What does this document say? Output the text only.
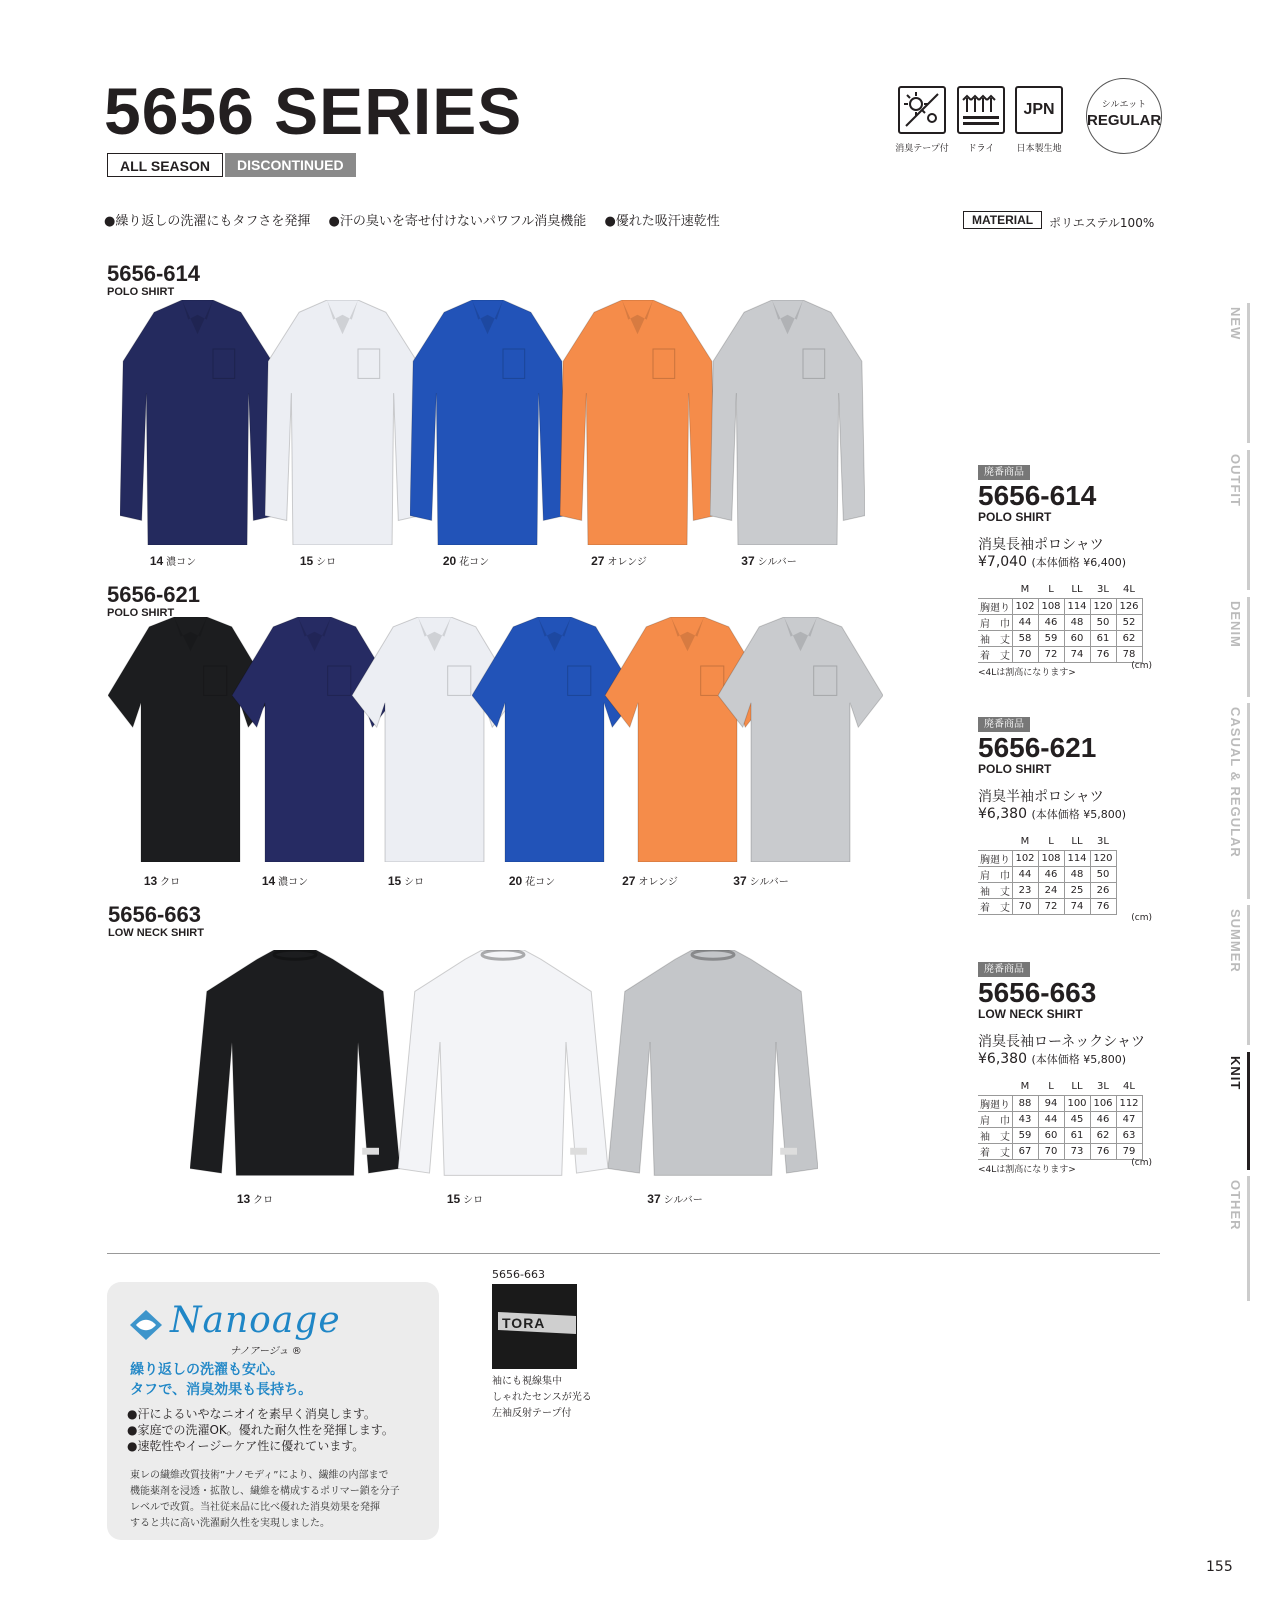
5656 SERIES
ALL SEASON	DISCONTINUED
消臭テープ付	ドライ
JPN
日本製生地
シルエット
REGULAR
●繰り返しの洗濯にもタフさを発揮 ●汗の臭いを寄せ付けないパワフル消臭機能 ●優れた吸汗速乾性	MATERIAL	ポリエステル100%
5656-614
POLO SHIRT
5656-621
POLO SHIRT
5656-663
LOW NECK SHIRT
14 濃コン	15 シロ	20 花コン	27 オレンジ	37 シルバー
13 クロ	14 濃コン	15 シロ	20 花コン	27 オレンジ	37 シルバー
13 クロ	15 シロ	37 シルバー
廃番商品
5656-614
POLO SHIRT
消臭長袖ポロシャツ
¥7,040 (本体価格 ¥6,400)
	M	L	LL	3L	4L
胸廻り	102	108	114	120	126
肩　巾	44	46	48	50	52
袖　丈	58	59	60	61	62
着　丈	70	72	74	76	78
<4Lは割高になります>
(cm)
廃番商品
5656-621
POLO SHIRT
消臭半袖ポロシャツ
¥6,380 (本体価格 ¥5,800)
	M	L	LL	3L
胸廻り	102	108	114	120
肩　巾	44	46	48	50
袖　丈	23	24	25	26
着　丈	70	72	74	76
(cm)
廃番商品
5656-663
LOW NECK SHIRT
消臭長袖ローネックシャツ
¥6,380 (本体価格 ¥5,800)
	M	L	LL	3L	4L
胸廻り	88	94	100	106	112
肩　巾	43	44	45	46	47
袖　丈	59	60	61	62	63
着　丈	67	70	73	76	79
<4Lは割高になります>
(cm)
NEW
OUTFIT
DENIM
CASUAL & REGULAR
SUMMER
KNIT
OTHER
Nanoage
ナノアージュ ®
繰り返しの洗濯も安心。
タフで、消臭効果も長持ち。
●汗によるいやなニオイを素早く消臭します。
●家庭での洗濯OK。優れた耐久性を発揮します。
●速乾性やイージーケア性に優れています。
東レの繊維改質技術”ナノモディ”により、繊維の内部まで
機能薬剤を浸透・拡散し、繊維を構成するポリマー鎖を分子
レベルで改質。当社従来品に比べ優れた消臭効果を発揮
すると共に高い洗濯耐久性を実現しました。
5656-663
TORA
袖にも視線集中
しゃれたセンスが光る
左袖反射テープ付
155
